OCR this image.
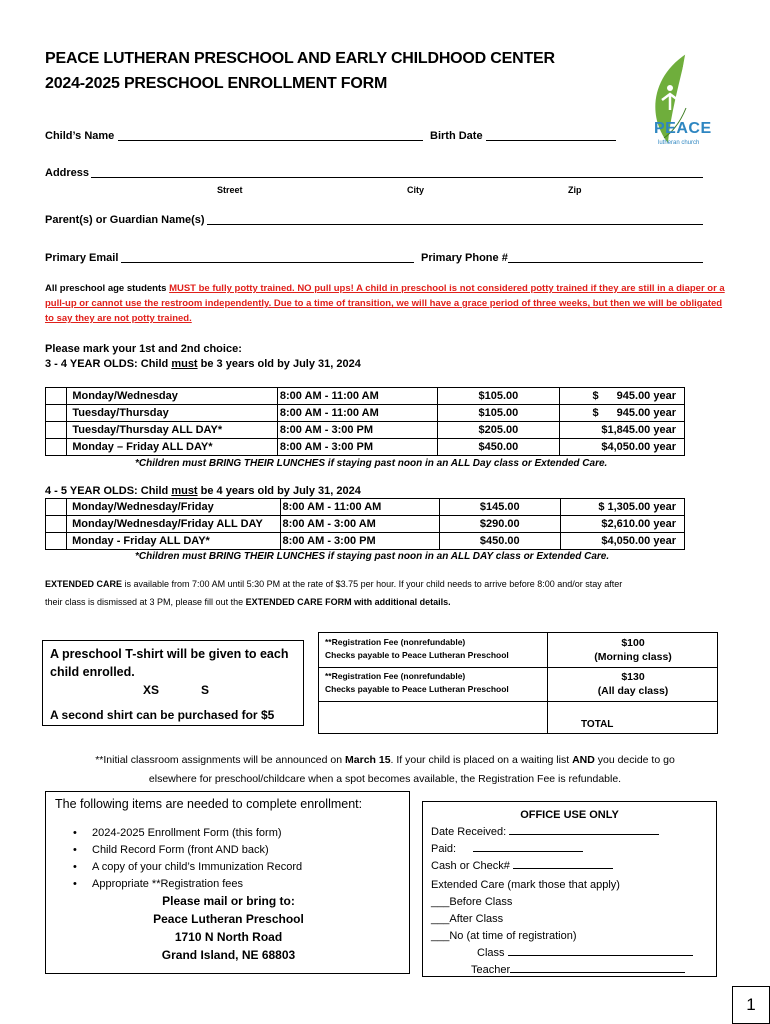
PEACE LUTHERAN PRESCHOOL AND EARLY CHILDHOOD CENTER
2024-2025 PRESCHOOL ENROLLMENT FORM
PEACE
lutheran church
Child’s Name	Birth Date
Address
Street	City	Zip
Parent(s) or Guardian Name(s)
Primary Email	Primary Phone #
All preschool age students MUST be fully potty trained. NO pull ups! A child in preschool is not considered potty trained if they are still in a diaper or a pull-up or cannot use the restroom independently. Due to a time of transition, we will have a grace period of three weeks, but then we will be obligated to say they are not potty trained.
Please mark your 1st and 2nd choice:
3 - 4 YEAR OLDS: Child must be 3 years old by July 31, 2024
	Monday/Wednesday	8:00 AM - 11:00 AM	$105.00	$ 945.00 year
	Tuesday/Thursday	8:00 AM - 11:00 AM	$105.00	$ 945.00 year
	Tuesday/Thursday ALL DAY*	8:00 AM - 3:00 PM	$205.00	$1,845.00 year
	Monday – Friday ALL DAY*	8:00 AM - 3:00 PM	$450.00	$4,050.00 year
*Children must BRING THEIR LUNCHES if staying past noon in an ALL Day class or Extended Care.
4 - 5 YEAR OLDS: Child must be 4 years old by July 31, 2024
	Monday/Wednesday/Friday	8:00 AM - 11:00 AM	$145.00	$ 1,305.00 year
	Monday/Wednesday/Friday ALL DAY	8:00 AM - 3:00 AM	$290.00	$2,610.00 year
	Monday - Friday ALL DAY*	8:00 AM - 3:00 PM	$450.00	$4,050.00 year
*Children must BRING THEIR LUNCHES if staying past noon in an ALL DAY class or Extended Care.
EXTENDED CARE is available from 7:00 AM until 5:30 PM at the rate of $3.75 per hour. If your child needs to arrive before 8:00 and/or stay after
their class is dismissed at 3 PM, please fill out the EXTENDED CARE FORM with additional details.
A preschool T-shirt will be given to each child enrolled.
XS	S
A second shirt can be purchased for $5
**Registration Fee (nonrefundable)
Checks payable to Peace Lutheran Preschool
$100
(Morning class)
**Registration Fee (nonrefundable)
Checks payable to Peace Lutheran Preschool
$130
(All day class)
TOTAL
**Initial classroom assignments will be announced on March 15. If your child is placed on a waiting list AND you decide to go
elsewhere for preschool/childcare when a spot becomes available, the Registration Fee is refundable.
The following items are needed to complete enrollment:
• 2024-2025 Enrollment Form (this form)
• Child Record Form (front AND back)
• A copy of your child’s Immunization Record
• Appropriate **Registration fees
Please mail or bring to:
Peace Lutheran Preschool
1710 N North Road
Grand Island, NE 68803
OFFICE USE ONLY
Date Received:
Paid:
Cash or Check#
Extended Care (mark those that apply)
___Before Class
___After Class
___No (at time of registration)
Class
Teacher
1
